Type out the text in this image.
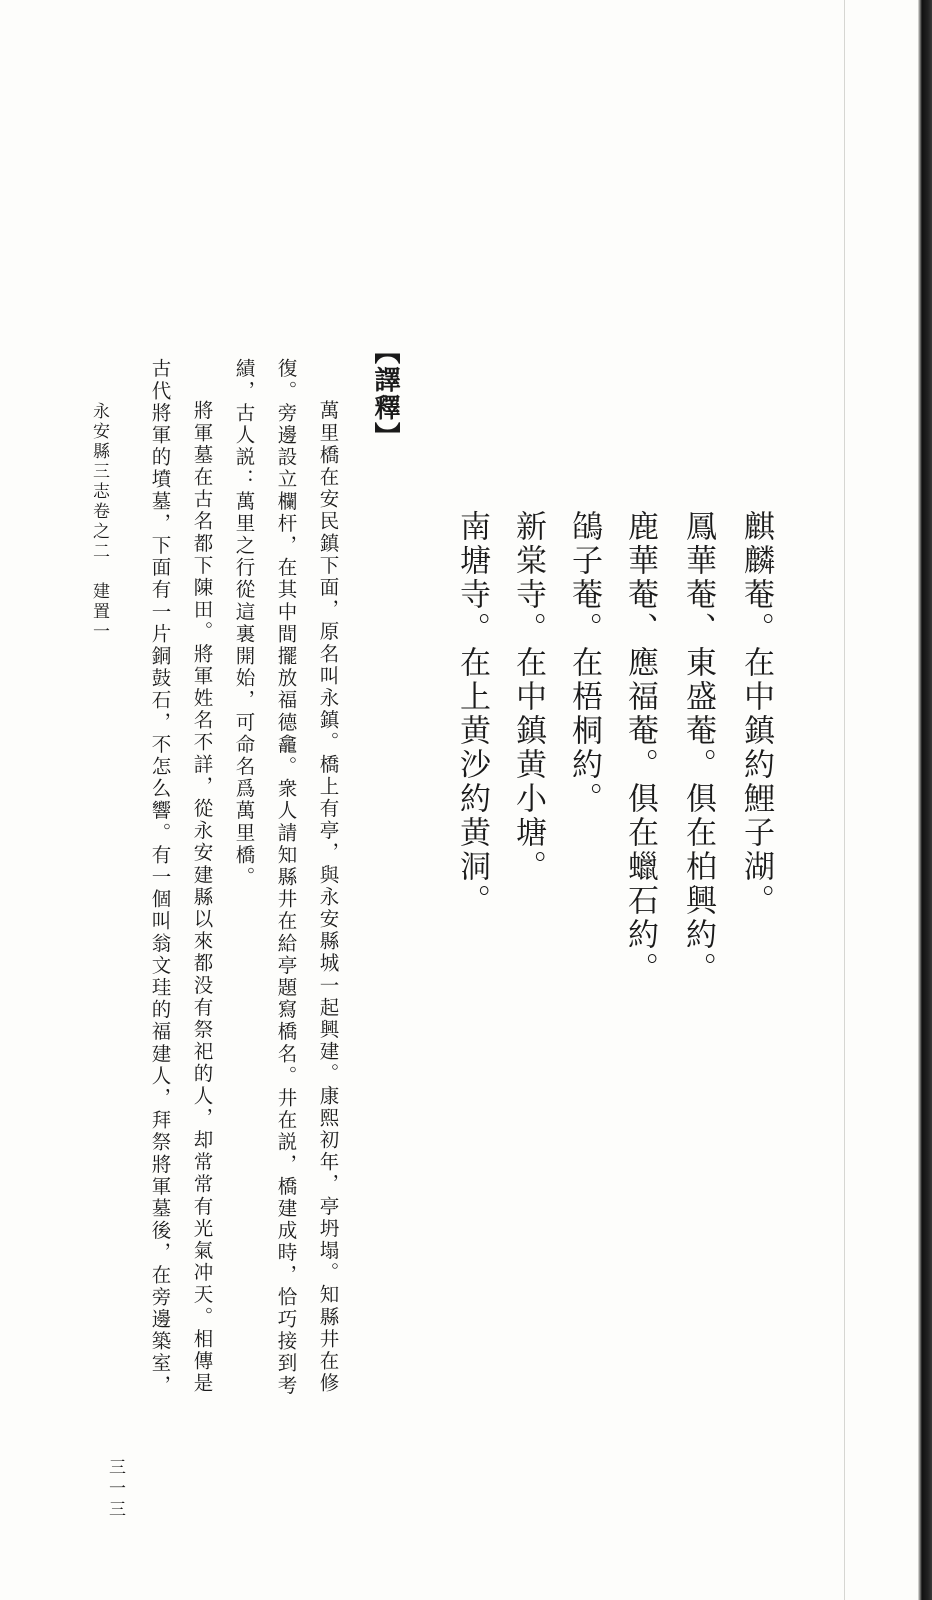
麒麟菴。在中鎮約鯉子湖。
鳳華菴、東盛菴。俱在柏興約。
鹿華菴、應福菴。俱在蠟石約。
鵮子菴。在梧桐約。
新棠寺。在中鎮黄小塘。
南塘寺。在上黄沙約黄洞。
【譯釋】
萬里橋在安民鎮下面，原名叫永鎮。橋上有亭，與永安縣城一起興建。康熙初年，亭坍塌。知縣井在修
復。旁邊設立欄杆，在其中間擺放福德龕。衆人請知縣井在給亭題寫橋名。井在説，橋建成時，恰巧接到考
績，古人説：萬里之行從這裏開始，可命名爲萬里橋。
將軍墓在古名都下陳田。將軍姓名不詳，從永安建縣以來都没有祭祀的人，却常常有光氣冲天。相傳是
古代將軍的墳墓，下面有一片銅鼓石，不怎么響。有一個叫翁文珪的福建人，拜祭將軍墓後，在旁邊築室，
永安縣三志卷之二　建置一
三一三
